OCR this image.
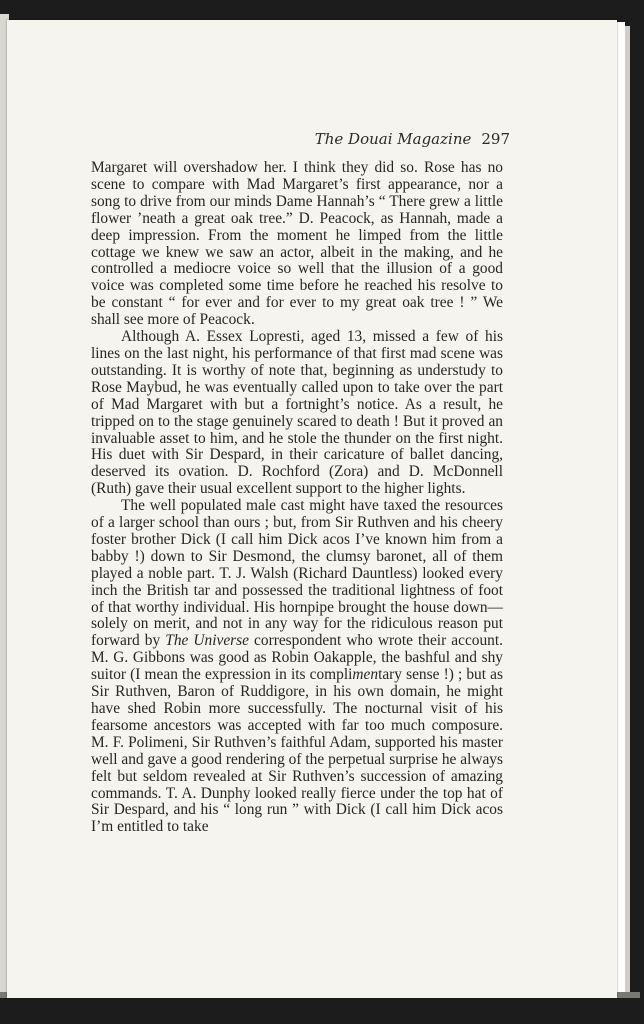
The Douai Magazine 297

Margaret will overshadow her. I think they did so. Rose has no scene to compare with Mad Margaret’s first appearance, nor a song to drive from our minds Dame Hannah’s “ There grew a little flower ’neath a great oak tree.” D. Peacock, as Hannah, made a deep impression. From the moment he limped from the little cottage we knew we saw an actor, albeit in the making, and he controlled a mediocre voice so well that the illusion of a good voice was completed some time before he reached his resolve to be constant “ for ever and for ever to my great oak tree ! ” We shall see more of Peacock.

Although A. Essex Lopresti, aged 13, missed a few of his lines on the last night, his performance of that first mad scene was outstanding. It is worthy of note that, beginning as understudy to Rose Maybud, he was eventually called upon to take over the part of Mad Margaret with but a fortnight’s notice. As a result, he tripped on to the stage genuinely scared to death ! But it proved an invaluable asset to him, and he stole the thunder on the first night. His duet with Sir Despard, in their caricature of ballet dancing, deserved its ovation. D. Rochford (Zora) and D. McDonnell (Ruth) gave their usual excellent support to the higher lights.

The well populated male cast might have taxed the resources of a larger school than ours ; but, from Sir Ruthven and his cheery foster brother Dick (I call him Dick acos I’ve known him from a babby !) down to Sir Desmond, the clumsy baronet, all of them played a noble part. T. J. Walsh (Richard Dauntless) looked every inch the British tar and possessed the traditional lightness of foot of that worthy individual. His hornpipe brought the house down— solely on merit, and not in any way for the ridiculous reason put forward by The Universe correspondent who wrote their account. M. G. Gibbons was good as Robin Oakapple, the bashful and shy suitor (I mean the expression in its complimentary sense !) ; but as Sir Ruthven, Baron of Ruddigore, in his own domain, he might have shed Robin more successfully. The nocturnal visit of his fearsome ancestors was accepted with far too much composure. M. F. Polimeni, Sir Ruthven’s faithful Adam, supported his master well and gave a good rendering of the perpetual surprise he always felt but seldom revealed at Sir Ruthven’s succession of amazing commands. T. A. Dunphy looked really fierce under the top hat of Sir Despard, and his “ long run ” with Dick (I call him Dick acos I’m entitled to take
